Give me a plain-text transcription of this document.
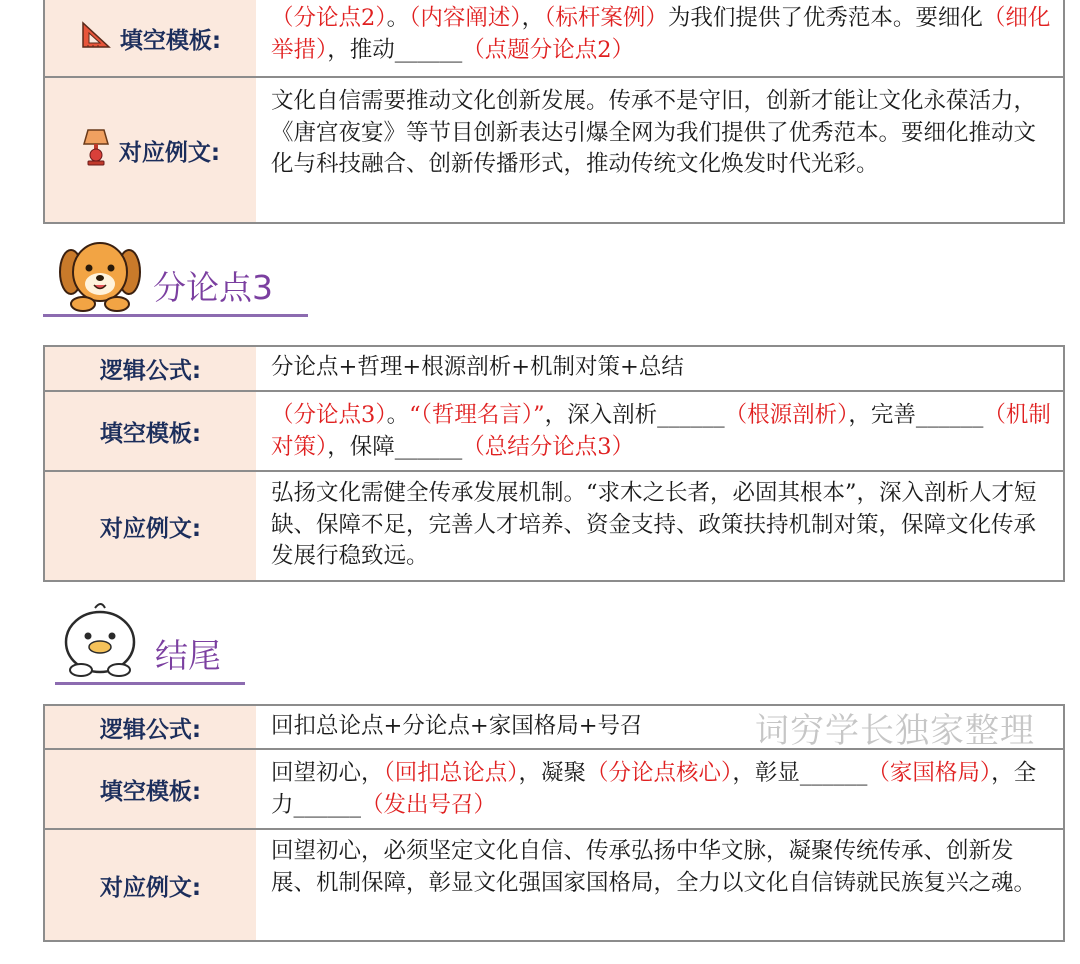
填空模板:
（分论点2）。（内容阐述），（标杆案例）为我们提供了优秀范本。要细化（细化举措），推动______（点题分论点2）
对应例文:
文化自信需要推动文化创新发展。传承不是守旧，创新才能让文化永葆活力，《唐宫夜宴》等节目创新表达引爆全网为我们提供了优秀范本。要细化推动文化与科技融合、创新传播形式，推动传统文化焕发时代光彩。
分论点3
逻辑公式:	分论点+哲理+根源剖析+机制对策+总结
填空模板:
（分论点3）。“（哲理名言）”，深入剖析______（根源剖析），完善______（机制对策），保障______（总结分论点3）
对应例文:
弘扬文化需健全传承发展机制。“求木之长者，必固其根本”，深入剖析人才短缺、保障不足，完善人才培养、资金支持、政策扶持机制对策，保障文化传承发展行稳致远。
结尾
逻辑公式:	回扣总论点+分论点+家国格局+号召
填空模板:
回望初心，（回扣总论点），凝聚（分论点核心），彰显______（家国格局），全力______（发出号召）
对应例文:
回望初心，必须坚定文化自信、传承弘扬中华文脉，凝聚传统传承、创新发展、机制保障，彰显文化强国家国格局，全力以文化自信铸就民族复兴之魂。
词穷学长独家整理
